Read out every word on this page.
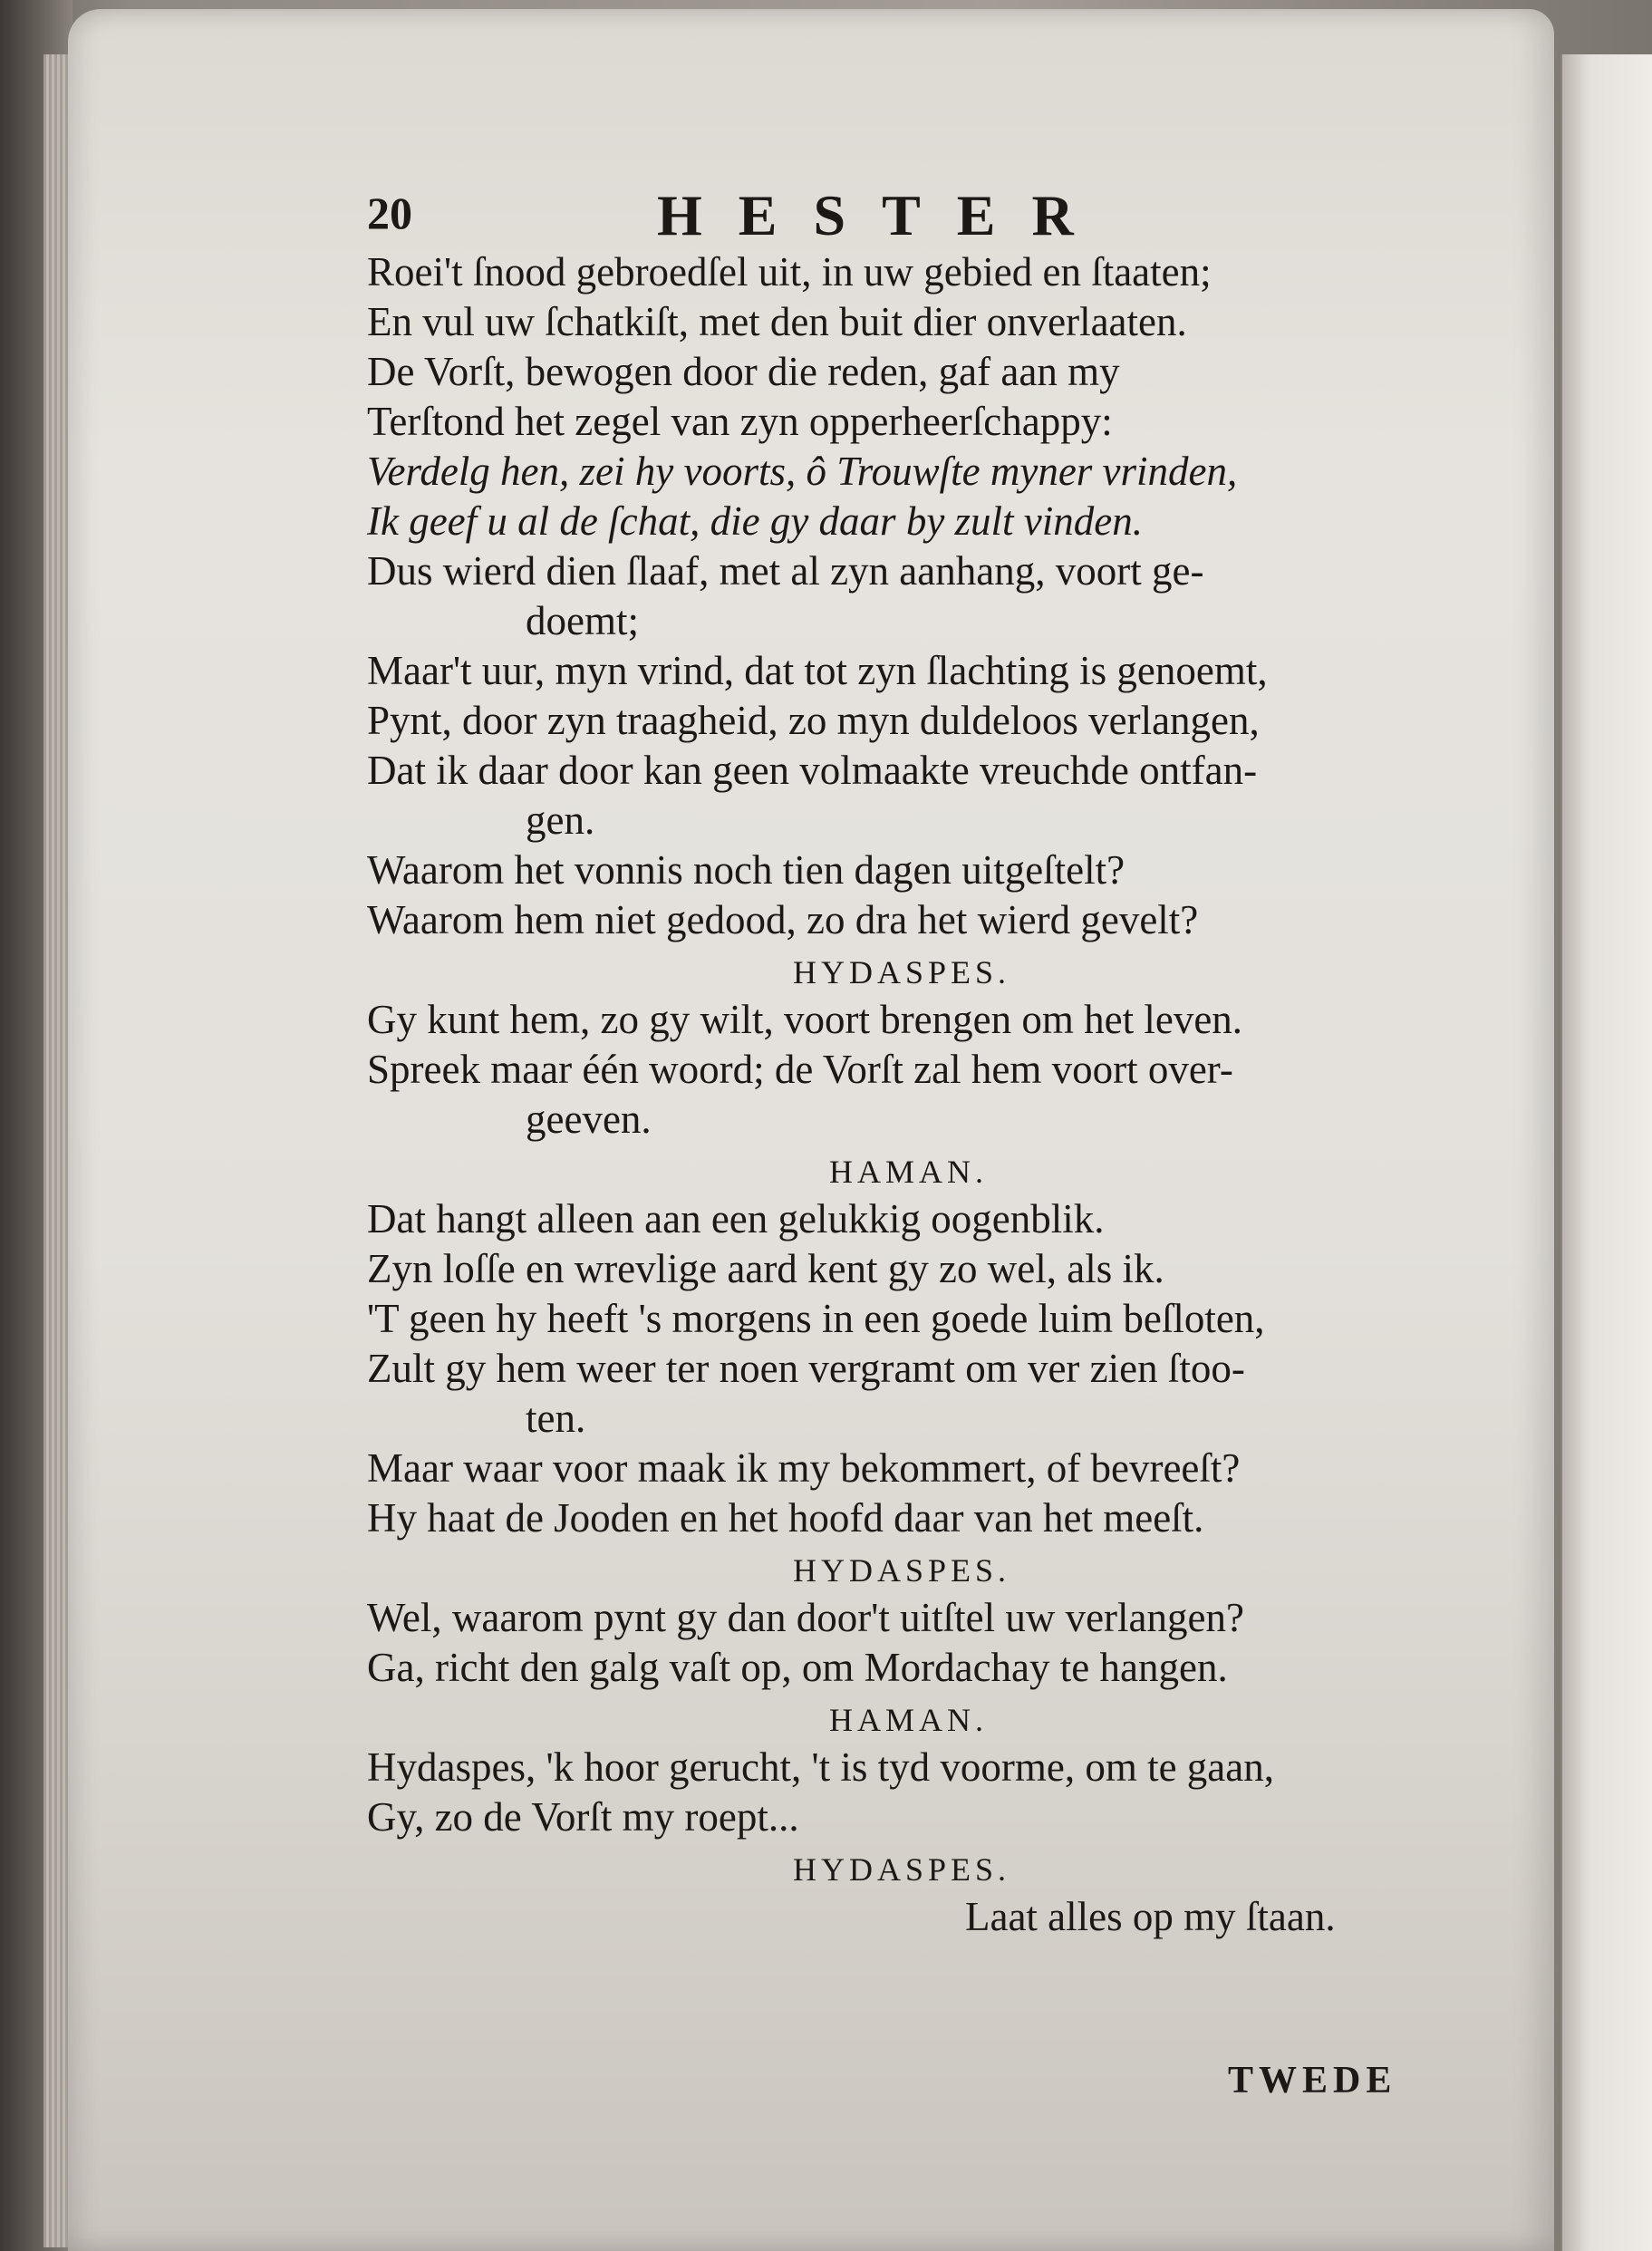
20	HESTER
Roei't ſnood gebroedſel uit, in uw gebied en ſtaaten;
En vul uw ſchatkiſt, met den buit dier onverlaaten.
De Vorſt, bewogen door die reden, gaf aan my
Terſtond het zegel van zyn opperheerſchappy:
Verdelg hen, zei hy voorts, ô Trouwſte myner vrinden,
Ik geef u al de ſchat, die gy daar by zult vinden.
Dus wierd dien ſlaaf, met al zyn aanhang, voort ge-
doemt;
Maar't uur, myn vrind, dat tot zyn ſlachting is genoemt,
Pynt, door zyn traagheid, zo myn duldeloos verlangen,
Dat ik daar door kan geen volmaakte vreuchde ontfan-
gen.
Waarom het vonnis noch tien dagen uitgeſtelt?
Waarom hem niet gedood, zo dra het wierd gevelt?
HYDASPES.
Gy kunt hem, zo gy wilt, voort brengen om het leven.
Spreek maar één woord; de Vorſt zal hem voort over-
geeven.
HAMAN.
Dat hangt alleen aan een gelukkig oogenblik.
Zyn loſſe en wrevlige aard kent gy zo wel, als ik.
'T geen hy heeft 's morgens in een goede luim beſloten,
Zult gy hem weer ter noen vergramt om ver zien ſtoo-
ten.
Maar waar voor maak ik my bekommert, of bevreeſt?
Hy haat de Jooden en het hoofd daar van het meeſt.
HYDASPES.
Wel, waarom pynt gy dan door't uitſtel uw verlangen?
Ga, richt den galg vaſt op, om Mordachay te hangen.
HAMAN.
Hydaspes, 'k hoor gerucht, 't is tyd voorme, om te gaan,
Gy, zo de Vorſt my roept...
HYDASPES.
Laat alles op my ſtaan.
TWEDE
